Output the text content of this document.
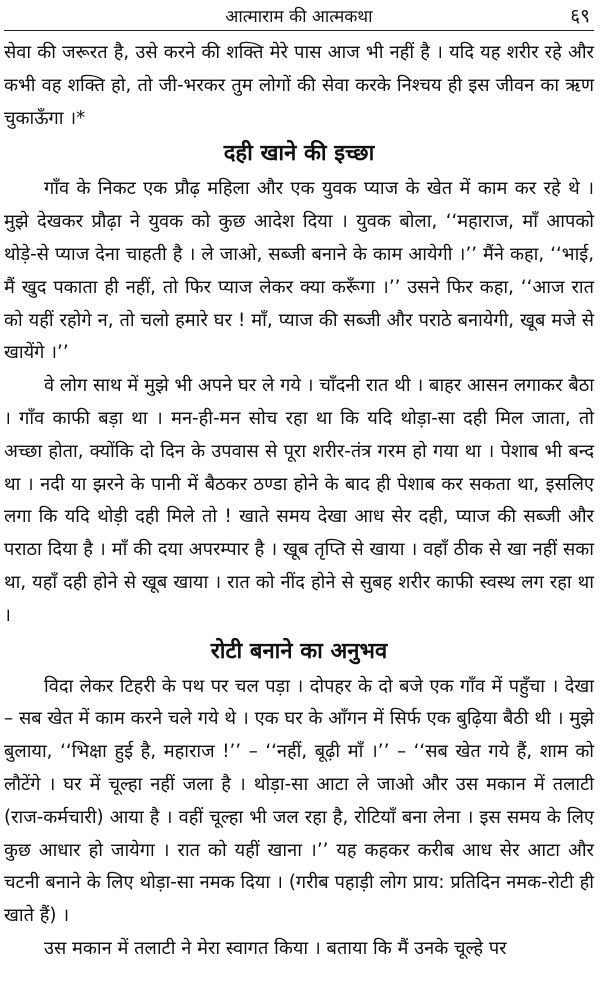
आत्माराम की आत्मकथा	६९

सेवा की जरूरत है, उसे करने की शक्ति मेरे पास आज भी नहीं है । यदि यह शरीर रहे और कभी वह शक्ति हो, तो जी-भरकर तुम लोगों की सेवा करके निश्चय ही इस जीवन का ऋण चुकाऊँगा ।*

दही खाने की इच्छा

गाँव के निकट एक प्रौढ़ महिला और एक युवक प्याज के खेत में काम कर रहे थे । मुझे देखकर प्रौढ़ा ने युवक को कुछ आदेश दिया । युवक बोला, ‘‘महाराज, माँ आपको थोड़े-से प्याज देना चाहती है । ले जाओ, सब्जी बनाने के काम आयेगी ।’’ मैंने कहा, ‘‘भाई, मैं खुद पकाता ही नहीं, तो फिर प्याज लेकर क्या करूँगा ।’’ उसने फिर कहा, ‘‘आज रात को यहीं रहोगे न, तो चलो हमारे घर ! माँ, प्याज की सब्जी और पराठे बनायेगी, खूब मजे से खायेंगे ।’’

वे लोग साथ में मुझे भी अपने घर ले गये । चाँदनी रात थी । बाहर आसन लगाकर बैठा । गाँव काफी बड़ा था । मन-ही-मन सोच रहा था कि यदि थोड़ा-सा दही मिल जाता, तो अच्छा होता, क्योंकि दो दिन के उपवास से पूरा शरीर-तंत्र गरम हो गया था । पेशाब भी बन्द था । नदी या झरने के पानी में बैठकर ठण्डा होने के बाद ही पेशाब कर सकता था, इसलिए लगा कि यदि थोड़ी दही मिले तो ! खाते समय देखा आध सेर दही, प्याज की सब्जी और पराठा दिया है । माँ की दया अपरम्पार है । खूब तृप्ति से खाया । वहाँ ठीक से खा नहीं सका था, यहाँ दही होने से खूब खाया । रात को नींद होने से सुबह शरीर काफी स्वस्थ लग रहा था ।

रोटी बनाने का अनुभव

विदा लेकर टिहरी के पथ पर चल पड़ा । दोपहर के दो बजे एक गाँव में पहुँचा । देखा – सब खेत में काम करने चले गये थे । एक घर के आँगन में सिर्फ एक बुढ़िया बैठी थी । मुझे बुलाया, ‘‘भिक्षा हुई है, महाराज !’’ – ‘‘नहीं, बूढ़ी माँ ।’’ – ‘‘सब खेत गये हैं, शाम को लौटेंगे । घर में चूल्हा नहीं जला है । थोड़ा-सा आटा ले जाओ और उस मकान में तलाटी (राज-कर्मचारी) आया है । वहीं चूल्हा भी जल रहा है, रोटियाँ बना लेना । इस समय के लिए कुछ आधार हो जायेगा । रात को यहीं खाना ।’’ यह कहकर करीब आध सेर आटा और चटनी बनाने के लिए थोड़ा-सा नमक दिया । (गरीब पहाड़ी लोग प्राय: प्रतिदिन नमक-रोटी ही खाते हैं) ।

उस मकान में तलाटी ने मेरा स्वागत किया । बताया कि मैं उनके चूल्हे पर
